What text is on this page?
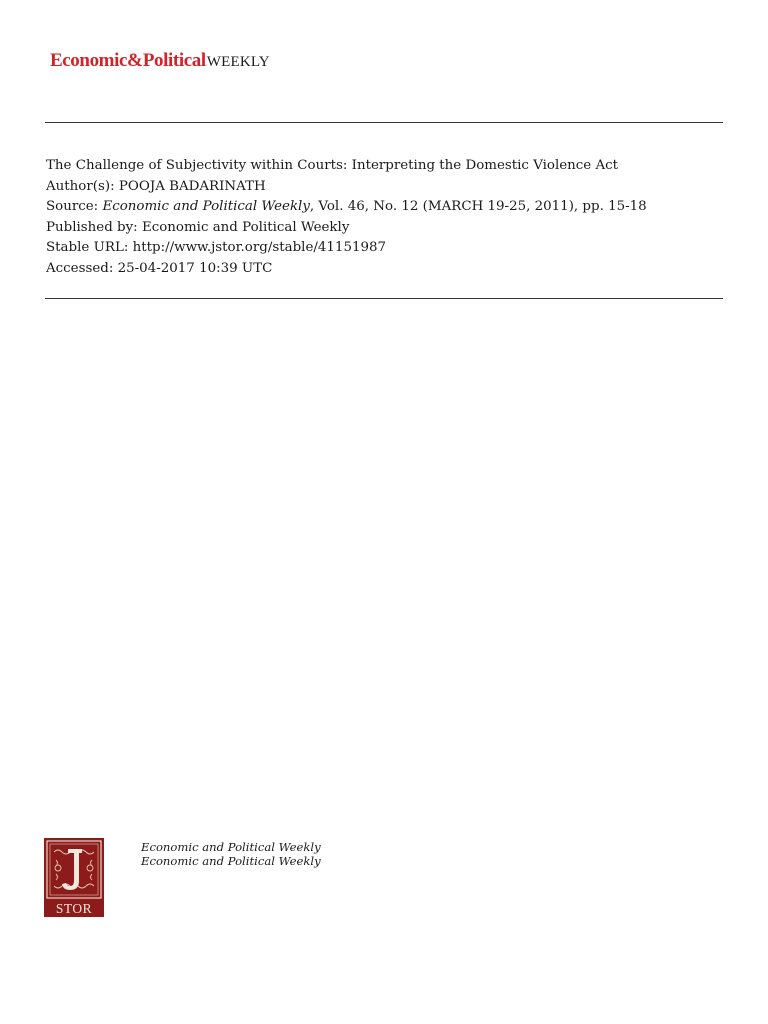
Economic & Political WEEKLY
The Challenge of Subjectivity within Courts: Interpreting the Domestic Violence Act
Author(s): POOJA BADARINATH
Source: Economic and Political Weekly, Vol. 46, No. 12 (MARCH 19-25, 2011), pp. 15-18
Published by: Economic and Political Weekly
Stable URL: http://www.jstor.org/stable/41151987
Accessed: 25-04-2017 10:39 UTC
STOR
Economic and Political Weekly
Economic and Political Weekly
